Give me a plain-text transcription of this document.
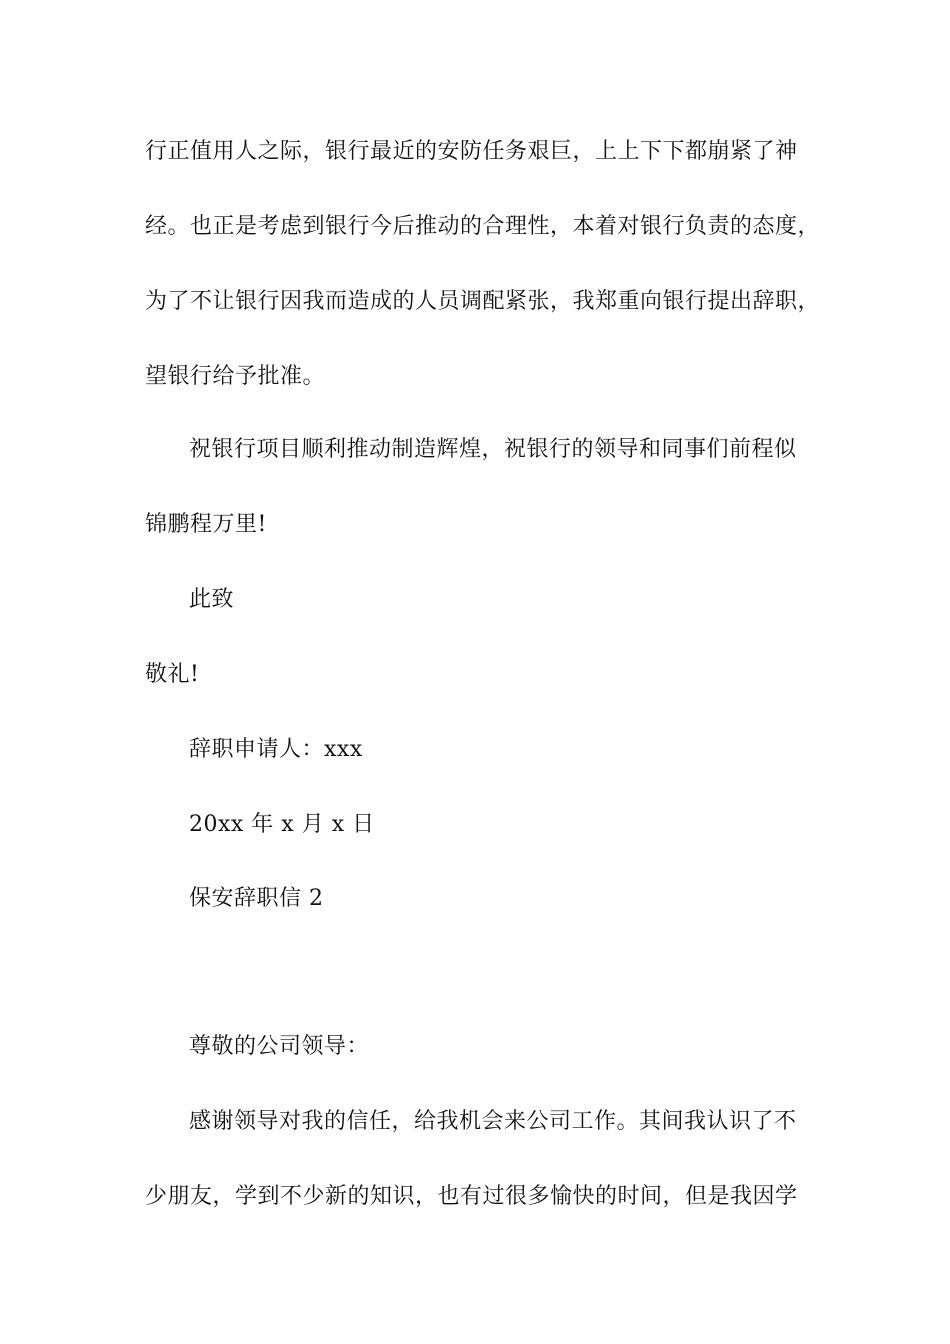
行正值用人之际，银行最近的安防任务艰巨，上上下下都崩紧了神
经。也正是考虑到银行今后推动的合理性，本着对银行负责的态度，
为了不让银行因我而造成的人员调配紧张，我郑重向银行提出辞职，
望银行给予批准。
祝银行项目顺利推动制造辉煌，祝银行的领导和同事们前程似
锦鹏程万里!
此致
敬礼!
辞职申请人：xxx
20xx 年 x 月 x 日
保安辞职信 2
尊敬的公司领导：
感谢领导对我的信任，给我机会来公司工作。其间我认识了不
少朋友，学到不少新的知识，也有过很多愉快的时间，但是我因学
